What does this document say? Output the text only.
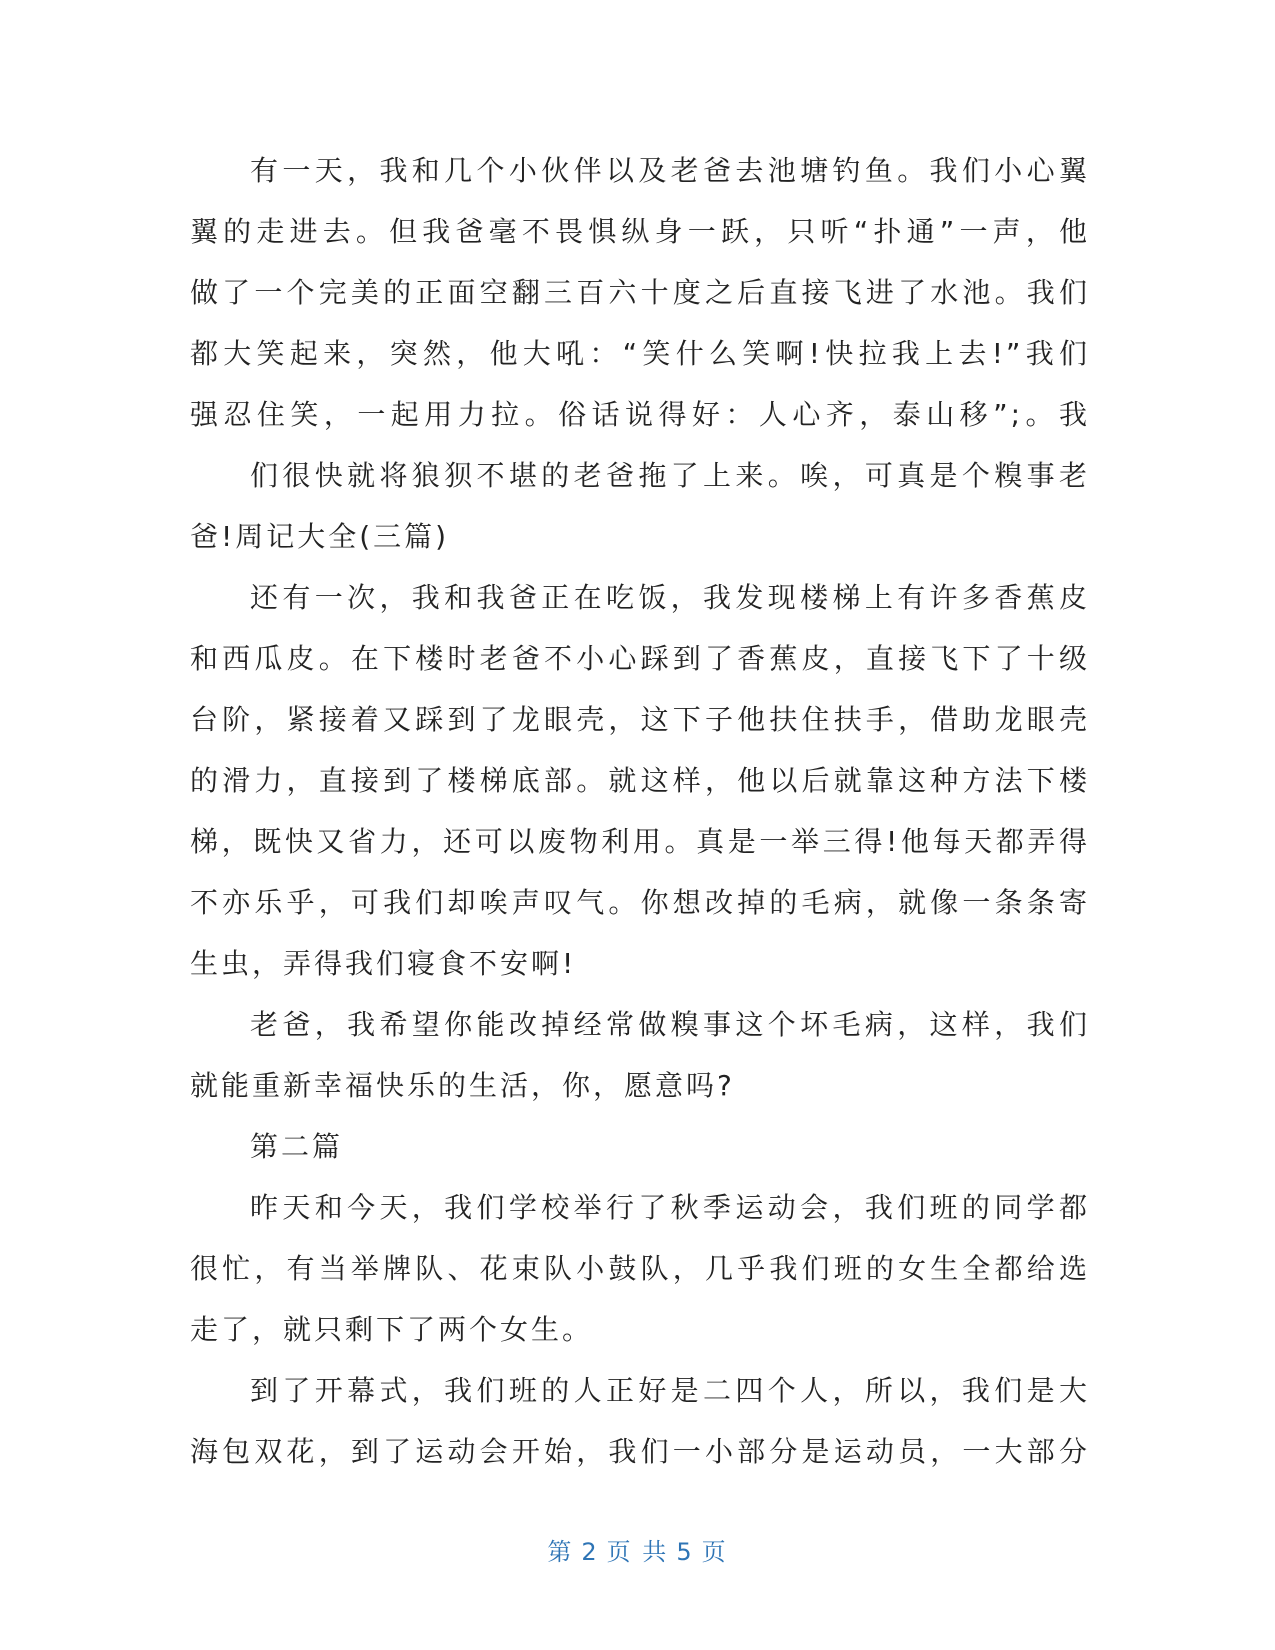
有一天，我和几个小伙伴以及老爸去池塘钓鱼。我们小心翼
翼的走进去。但我爸毫不畏惧纵身一跃，只听“扑通”一声，他
做了一个完美的正面空翻三百六十度之后直接飞进了水池。我们
都大笑起来，突然，他大吼：“笑什么笑啊!快拉我上去!”我们
强忍住笑，一起用力拉。俗话说得好：人心齐，泰山移”;。我
们很快就将狼狈不堪的老爸拖了上来。唉，可真是个糗事老
爸!周记大全(三篇)
还有一次，我和我爸正在吃饭，我发现楼梯上有许多香蕉皮
和西瓜皮。在下楼时老爸不小心踩到了香蕉皮，直接飞下了十级
台阶，紧接着又踩到了龙眼壳，这下子他扶住扶手，借助龙眼壳
的滑力，直接到了楼梯底部。就这样，他以后就靠这种方法下楼
梯，既快又省力，还可以废物利用。真是一举三得!他每天都弄得
不亦乐乎，可我们却唉声叹气。你想改掉的毛病，就像一条条寄
生虫，弄得我们寝食不安啊!
老爸，我希望你能改掉经常做糗事这个坏毛病，这样，我们
就能重新幸福快乐的生活，你，愿意吗?
第二篇
昨天和今天，我们学校举行了秋季运动会，我们班的同学都
很忙，有当举牌队、花束队小鼓队，几乎我们班的女生全都给选
走了，就只剩下了两个女生。
到了开幕式，我们班的人正好是二四个人，所以，我们是大
海包双花，到了运动会开始，我们一小部分是运动员，一大部分
第 2 页 共 5 页
